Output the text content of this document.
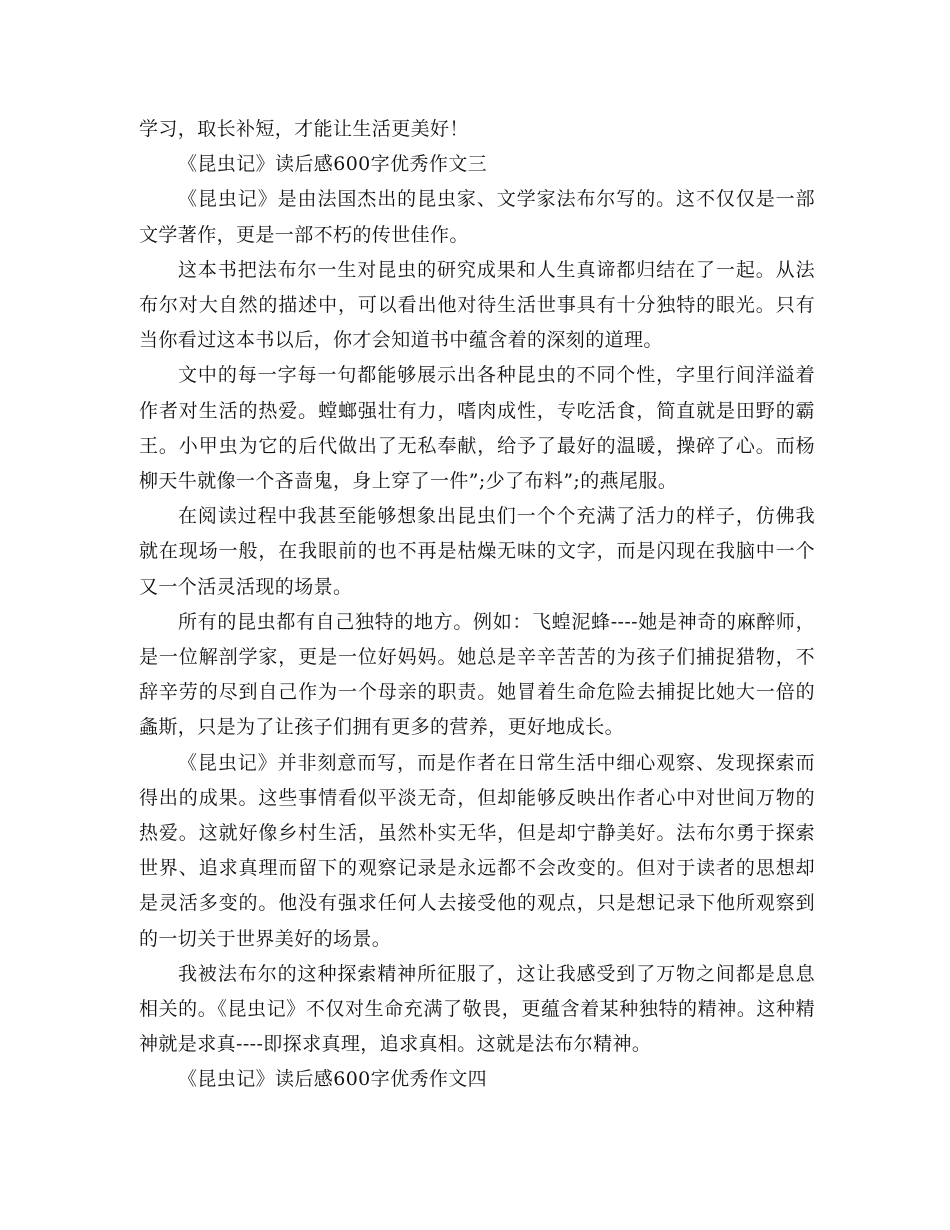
学习，取长补短，才能让生活更美好！

《昆虫记》读后感600字优秀作文三

《昆虫记》是由法国杰出的昆虫家、文学家法布尔写的。这不仅仅是一部文学著作，更是一部不朽的传世佳作。

这本书把法布尔一生对昆虫的研究成果和人生真谛都归结在了一起。从法布尔对大自然的描述中，可以看出他对待生活世事具有十分独特的眼光。只有当你看过这本书以后，你才会知道书中蕴含着的深刻的道理。

文中的每一字每一句都能够展示出各种昆虫的不同个性，字里行间洋溢着作者对生活的热爱。螳螂强壮有力，嗜肉成性，专吃活食，简直就是田野的霸王。小甲虫为它的后代做出了无私奉献，给予了最好的温暖，操碎了心。而杨柳天牛就像一个吝啬鬼，身上穿了一件”;少了布料”;的燕尾服。

在阅读过程中我甚至能够想象出昆虫们一个个充满了活力的样子，仿佛我就在现场一般，在我眼前的也不再是枯燥无味的文字，而是闪现在我脑中一个又一个活灵活现的场景。

所有的昆虫都有自己独特的地方。例如：飞蝗泥蜂----她是神奇的麻醉师，是一位解剖学家，更是一位好妈妈。她总是辛辛苦苦的为孩子们捕捉猎物，不辞辛劳的尽到自己作为一个母亲的职责。她冒着生命危险去捕捉比她大一倍的螽斯，只是为了让孩子们拥有更多的营养，更好地成长。

《昆虫记》并非刻意而写，而是作者在日常生活中细心观察、发现探索而得出的成果。这些事情看似平淡无奇，但却能够反映出作者心中对世间万物的热爱。这就好像乡村生活，虽然朴实无华，但是却宁静美好。法布尔勇于探索世界、追求真理而留下的观察记录是永远都不会改变的。但对于读者的思想却是灵活多变的。他没有强求任何人去接受他的观点，只是想记录下他所观察到的一切关于世界美好的场景。

我被法布尔的这种探索精神所征服了，这让我感受到了万物之间都是息息相关的。《昆虫记》不仅对生命充满了敬畏，更蕴含着某种独特的精神。这种精神就是求真----即探求真理，追求真相。这就是法布尔精神。

《昆虫记》读后感600字优秀作文四
